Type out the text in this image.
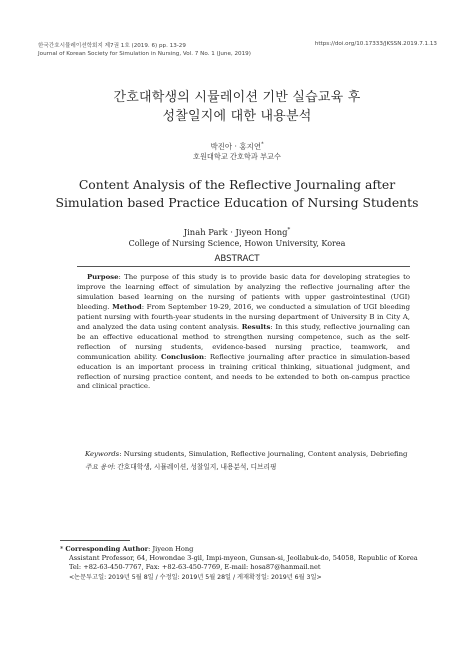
한국간호시뮬레이션학회지 제7권 1호 (2019. 6) pp. 13-29	https://doi.org/10.17333/JKSSN.2019.7.1.13
Journal of Korean Society for Simulation in Nursing, Vol. 7 No. 1 (June, 2019)
간호대학생의 시뮬레이션 기반 실습교육 후
성찰일지에 대한 내용분석
박진아 · 홍지연*
호원대학교 간호학과 부교수
Content Analysis of the Reflective Journaling after
Simulation based Practice Education of Nursing Students
Jinah Park · Jiyeon Hong*
College of Nursing Science, Howon University, Korea
ABSTRACT
Purpose: The purpose of this study is to provide basic data for developing strategies to improve the learning effect of simulation by analyzing the reflective journaling after the simulation based learning on the nursing of patients with upper gastrointestinal (UGI) bleeding. Method: From September 19-29, 2016, we conducted a simulation of UGI bleeding patient nursing with fourth-year students in the nursing department of University B in City A, and analyzed the data using content analysis. Results: In this study, reflective journaling can be an effective educational method to strengthen nursing competence, such as the self-reflection of nursing students, evidence-based nursing practice, teamwork, and communication ability. Conclusion: Reflective journaling after practice in simulation-based education is an important process in training critical thinking, situational judgment, and reflection of nursing practice content, and needs to be extended to both on-campus practice and clinical practice.
Keywords: Nursing students, Simulation, Reflective journaling, Content analysis, Debriefing
주요 용어: 간호대학생, 시뮬레이션, 성찰일지, 내용분석, 디브리핑
* Corresponding Author: Jiyeon Hong
Assistant Professor, 64, Howondae 3-gil, Impi-myeon, Gunsan-si, Jeollabuk-do, 54058, Republic of Korea
Tel: +82-63-450-7767, Fax: +82-63-450-7769, E-mail: hosa87@hanmail.net
<논문투고일: 2019년 5월 8일 / 수정일: 2019년 5월 28일 / 게재확정일: 2019년 6월 3일>
